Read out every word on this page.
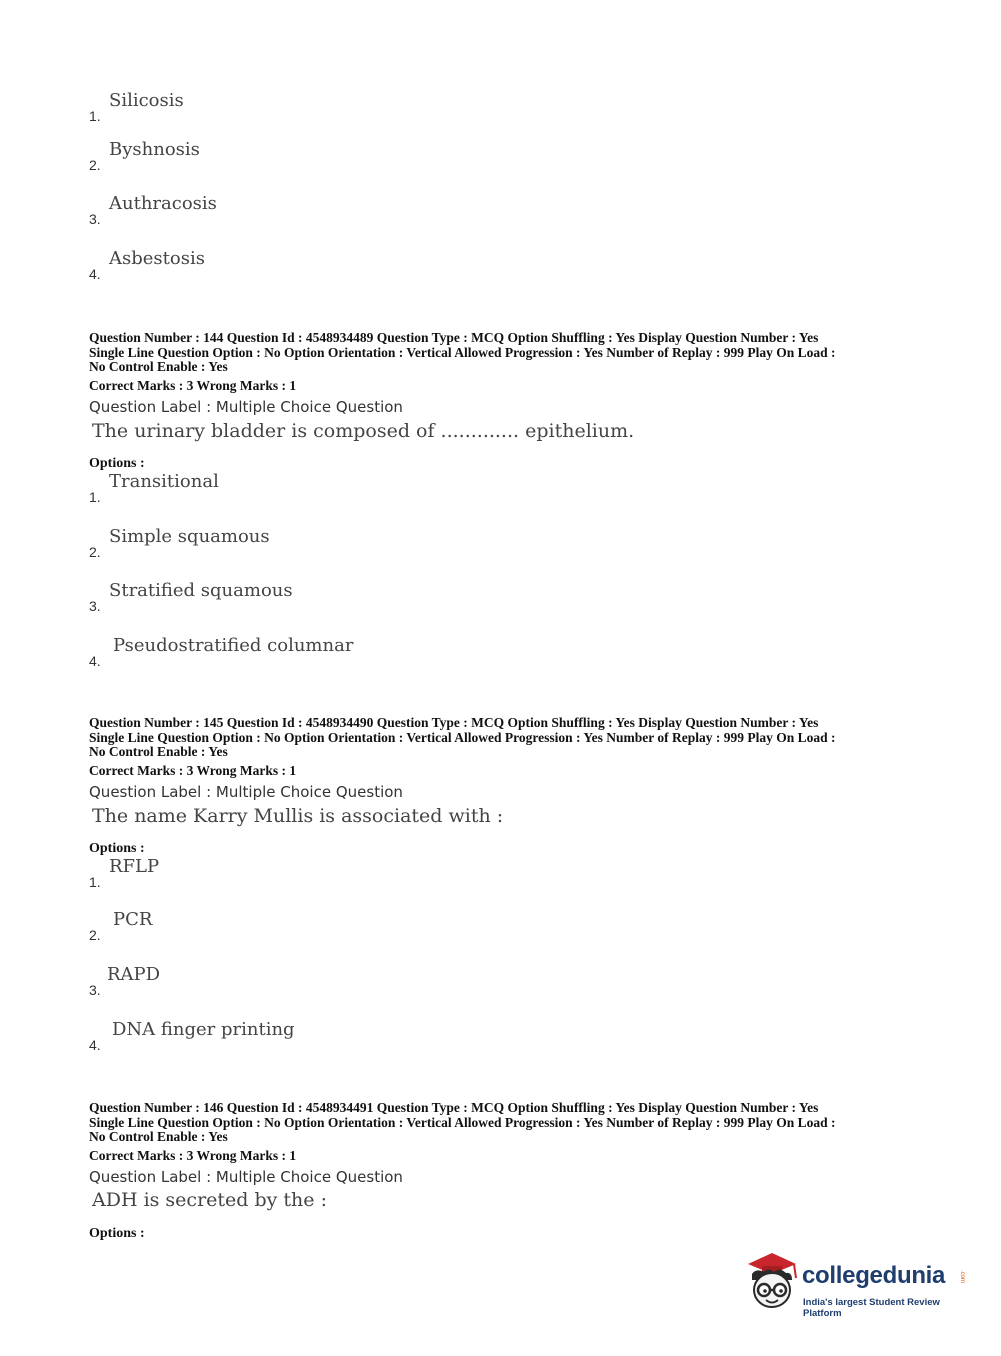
1.
Silicosis
2.
Byshnosis
3.
Authracosis
4.
Asbestosis
Question Number : 144 Question Id : 4548934489 Question Type : MCQ Option Shuffling : Yes Display Question Number : Yes
Single Line Question Option : No Option Orientation : Vertical Allowed Progression : Yes Number of Replay : 999 Play On Load :
No Control Enable : Yes
Correct Marks : 3 Wrong Marks : 1
Question Label : Multiple Choice Question
The urinary bladder is composed of ............. epithelium.
Options :
1.
Transitional
2.
Simple squamous
3.
Stratified squamous
4.
Pseudostratified columnar
Question Number : 145 Question Id : 4548934490 Question Type : MCQ Option Shuffling : Yes Display Question Number : Yes
Single Line Question Option : No Option Orientation : Vertical Allowed Progression : Yes Number of Replay : 999 Play On Load :
No Control Enable : Yes
Correct Marks : 3 Wrong Marks : 1
Question Label : Multiple Choice Question
The name Karry Mullis is associated with :
Options :
1.
RFLP
2.
PCR
3.
RAPD
4.
DNA finger printing
Question Number : 146 Question Id : 4548934491 Question Type : MCQ Option Shuffling : Yes Display Question Number : Yes
Single Line Question Option : No Option Orientation : Vertical Allowed Progression : Yes Number of Replay : 999 Play On Load :
No Control Enable : Yes
Correct Marks : 3 Wrong Marks : 1
Question Label : Multiple Choice Question
ADH is secreted by the :
Options :
collegedunia .com
India's largest Student Review Platform
